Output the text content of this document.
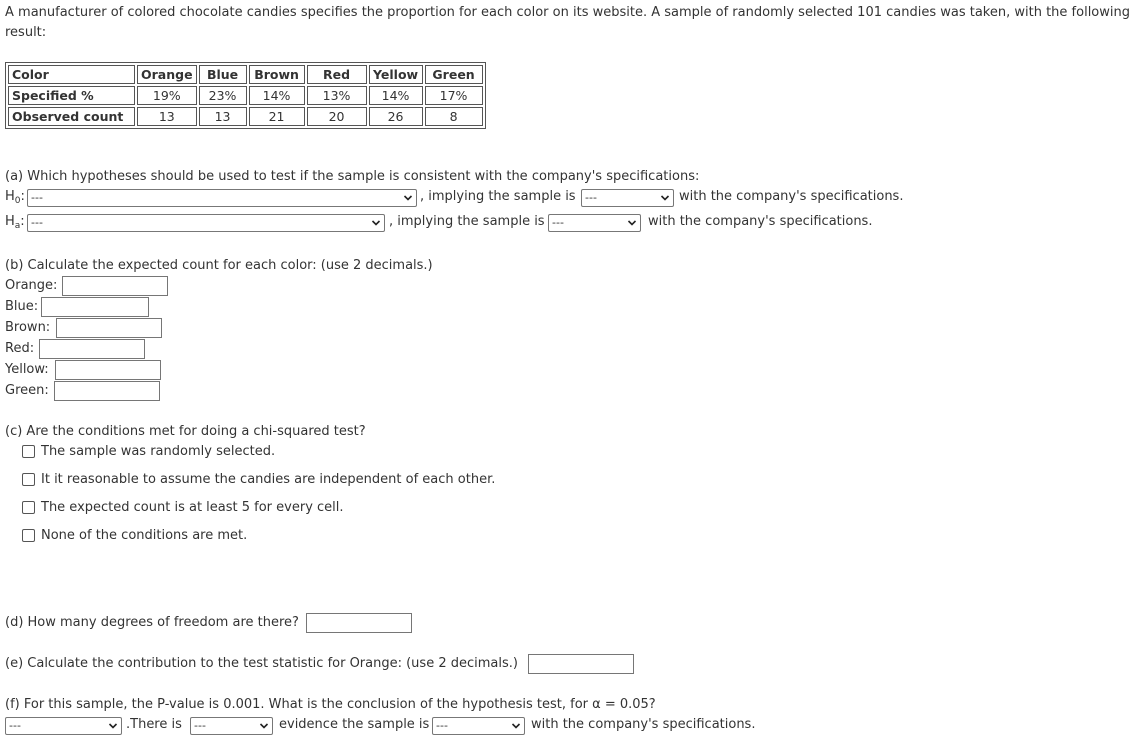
A manufacturer of colored chocolate candies specifies the proportion for each color on its website. A sample of randomly selected 101 candies was taken, with the following result:
Color	Orange	Blue	Brown	Red	Yellow	Green
Specified %	19%	23%	14%	13%	14%	17%
Observed count	13	13	21	20	26	8
(a) Which hypotheses should be used to test if the sample is consistent with the company's specifications:
$H_0$: ---	, implying the sample is ---	with the company's specifications.
$H_a$: ---	, implying the sample is ---	with the company's specifications.
(b) Calculate the expected count for each color: (use 2 decimals.)
Orange:
Blue:
Brown:
Red:
Yellow:
Green:
(c) Are the conditions met for doing a chi-squared test?
The sample was randomly selected.
It it reasonable to assume the candies are independent of each other.
The expected count is at least 5 for every cell.
None of the conditions are met.
(d) How many degrees of freedom are there?
(e) Calculate the contribution to the test statistic for Orange: (use 2 decimals.)
(f) For this sample, the P-value is 0.001. What is the conclusion of the hypothesis test, for α = 0.05?
---	.There is	---	evidence the sample is ---	with the company's specifications.
